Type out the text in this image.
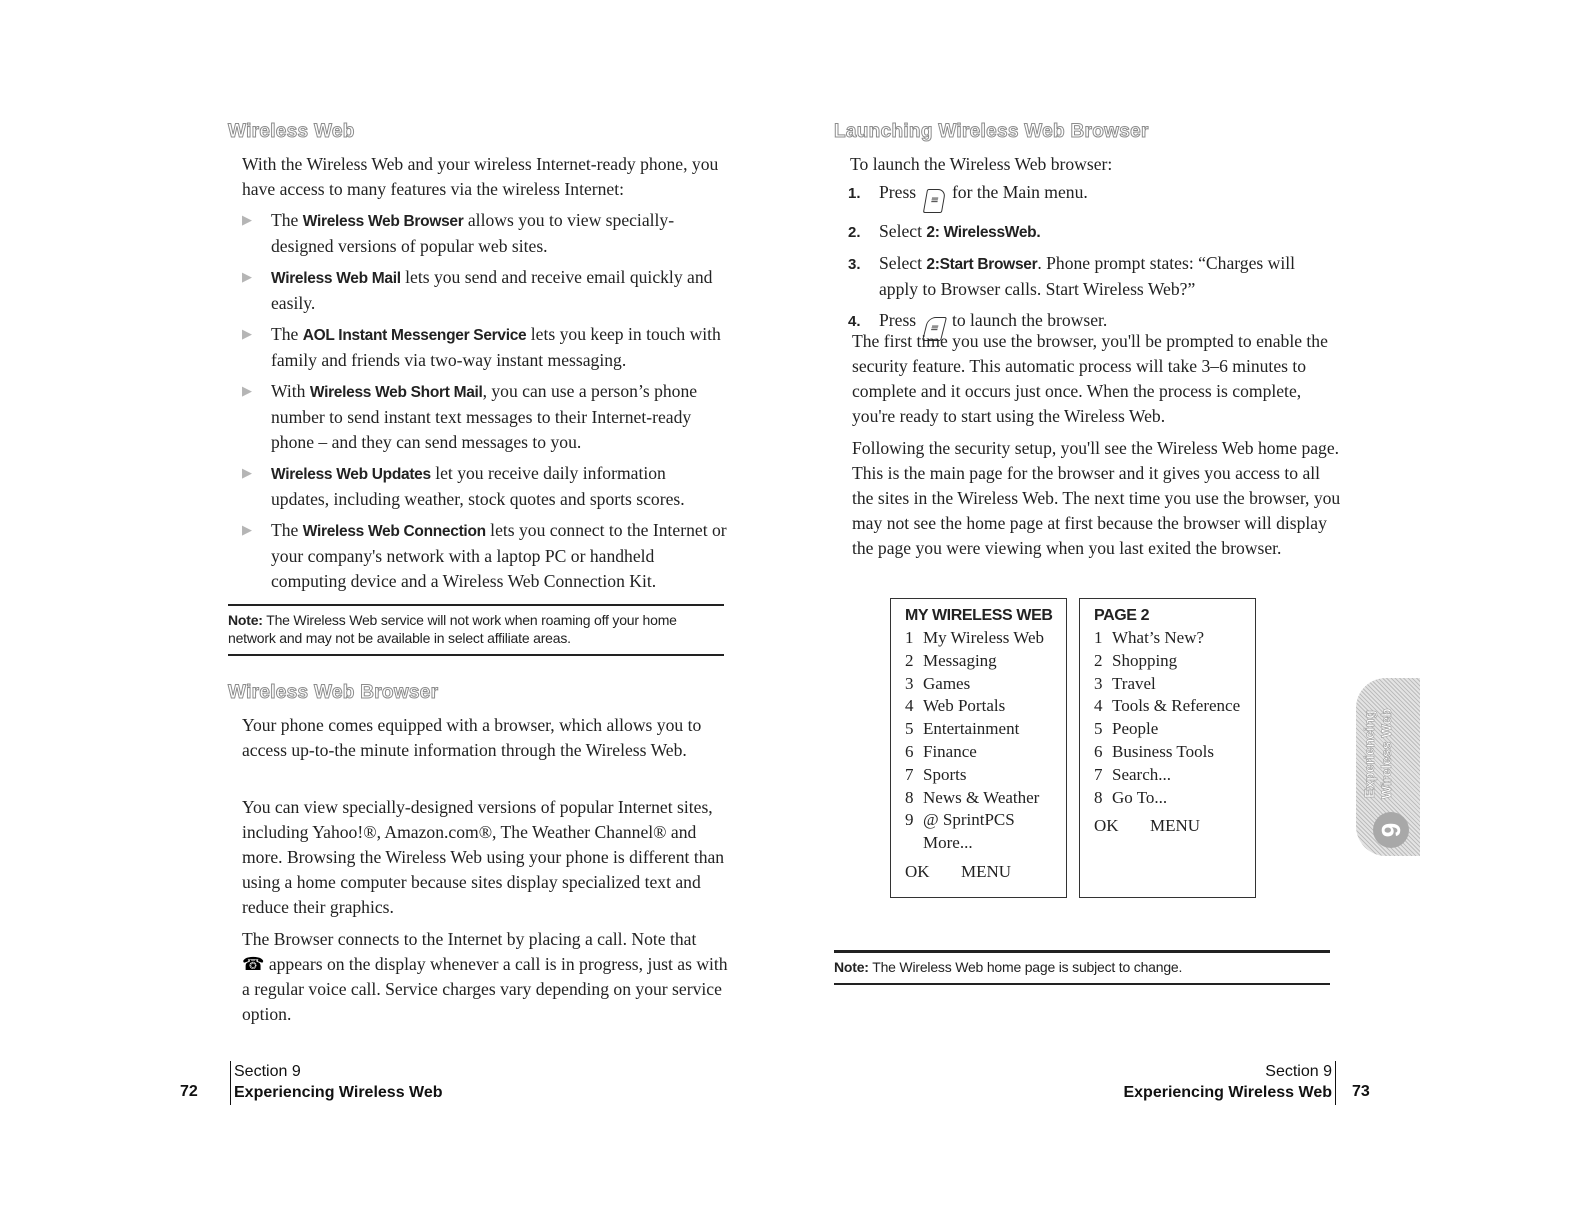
Wireless Web
With the Wireless Web and your wireless Internet-ready phone, you have access to many features via the wireless Internet:
▶︎ The Wireless Web Browser allows you to view specially-designed versions of popular web sites.
▶︎ Wireless Web Mail lets you send and receive email quickly and easily.
▶︎ The AOL Instant Messenger Service lets you keep in touch with family and friends via two-way instant messaging.
▶︎ With Wireless Web Short Mail, you can use a person’s phone number to send instant text messages to their Internet-ready phone – and they can send messages to you.
▶︎ Wireless Web Updates let you receive daily information updates, including weather, stock quotes and sports scores.
▶︎ The Wireless Web Connection lets you connect to the Internet or your company's network with a laptop PC or handheld computing device and a Wireless Web Connection Kit.
Note: The Wireless Web service will not work when roaming off your home network and may not be available in select affiliate areas.
Wireless Web Browser
Your phone comes equipped with a browser, which allows you to access up-to-the minute information through the Wireless Web.
You can view specially-designed versions of popular Internet sites, including Yahoo!®, Amazon.com®, The Weather Channel® and more. Browsing the Wireless Web using your phone is different than using a home computer because sites display specialized text and reduce their graphics.
The Browser connects to the Internet by placing a call. Note that
☎︎ appears on the display whenever a call is in progress, just as with a regular voice call. Service charges vary depending on your service option.
Section 9
Experiencing Wireless Web
72
Launching Wireless Web Browser
To launch the Wireless Web browser:
1. Press ≡ for the Main menu.
2. Select 2: WirelessWeb.
3. Select 2:Start Browser. Phone prompt states: “Charges will apply to Browser calls. Start Wireless Web?”
4. Press ≡ to launch the browser.
The first time you use the browser, you'll be prompted to enable the security feature. This automatic process will take 3–6 minutes to complete and it occurs just once. When the process is complete, you're ready to start using the Wireless Web.
Following the security setup, you'll see the Wireless Web home page. This is the main page for the browser and it gives you access to all the sites in the Wireless Web. The next time you use the browser, you may not see the home page at first because the browser will display the page you were viewing when you last exited the browser.
MY WIRELESS WEB
1 My Wireless Web
2 Messaging
3 Games
4 Web Portals
5 Entertainment
6 Finance
7 Sports
8 News & Weather
9 @ SprintPCS
More...
OK MENU
PAGE 2
1 What’s New?
2 Shopping
3 Travel
4 Tools & Reference
5 People
6 Business Tools
7 Search...
8 Go To...
OK MENU
Note: The Wireless Web home page is subject to change.
Section 9
Experiencing Wireless Web 73
Experiencing Wireless Web
9
